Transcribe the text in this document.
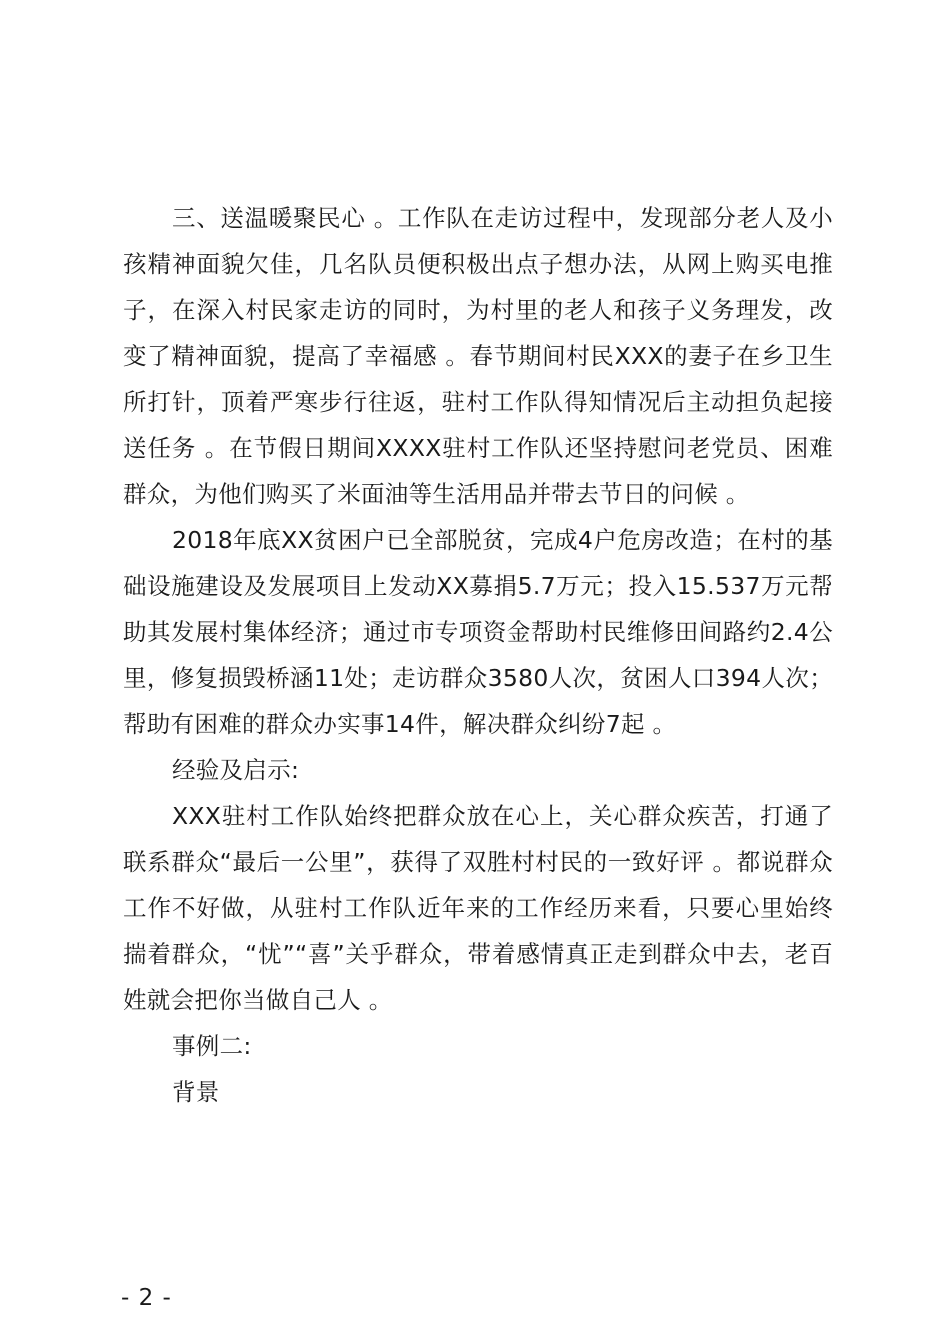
三、送温暖聚民心 。工作队在走访过程中，发现部分老人及小孩精神面貌欠佳，几名队员便积极出点子想办法，从网上购买电推子，在深入村民家走访的同时，为村里的老人和孩子义务理发，改变了精神面貌，提高了幸福感 。春节期间村民XXX的妻子在乡卫生所打针，顶着严寒步行往返，驻村工作队得知情况后主动担负起接送任务 。在节假日期间XXXX驻村工作队还坚持慰问老党员、困难群众，为他们购买了米面油等生活用品并带去节日的问候 。

2018年底XX贫困户已全部脱贫，完成4户危房改造；在村的基础设施建设及发展项目上发动XX募捐5.7万元；投入15.537万元帮助其发展村集体经济；通过市专项资金帮助村民维修田间路约2.4公里，修复损毁桥涵11处；走访群众3580人次，贫困人口394人次；帮助有困难的群众办实事14件，解决群众纠纷7起 。

经验及启示:

XXX驻村工作队始终把群众放在心上，关心群众疾苦，打通了联系群众“最后一公里”，获得了双胜村村民的一致好评 。都说群众工作不好做，从驻村工作队近年来的工作经历来看，只要心里始终揣着群众，“忧”“喜”关乎群众，带着感情真正走到群众中去，老百姓就会把你当做自己人 。

事例二:

背景

- 2 -
